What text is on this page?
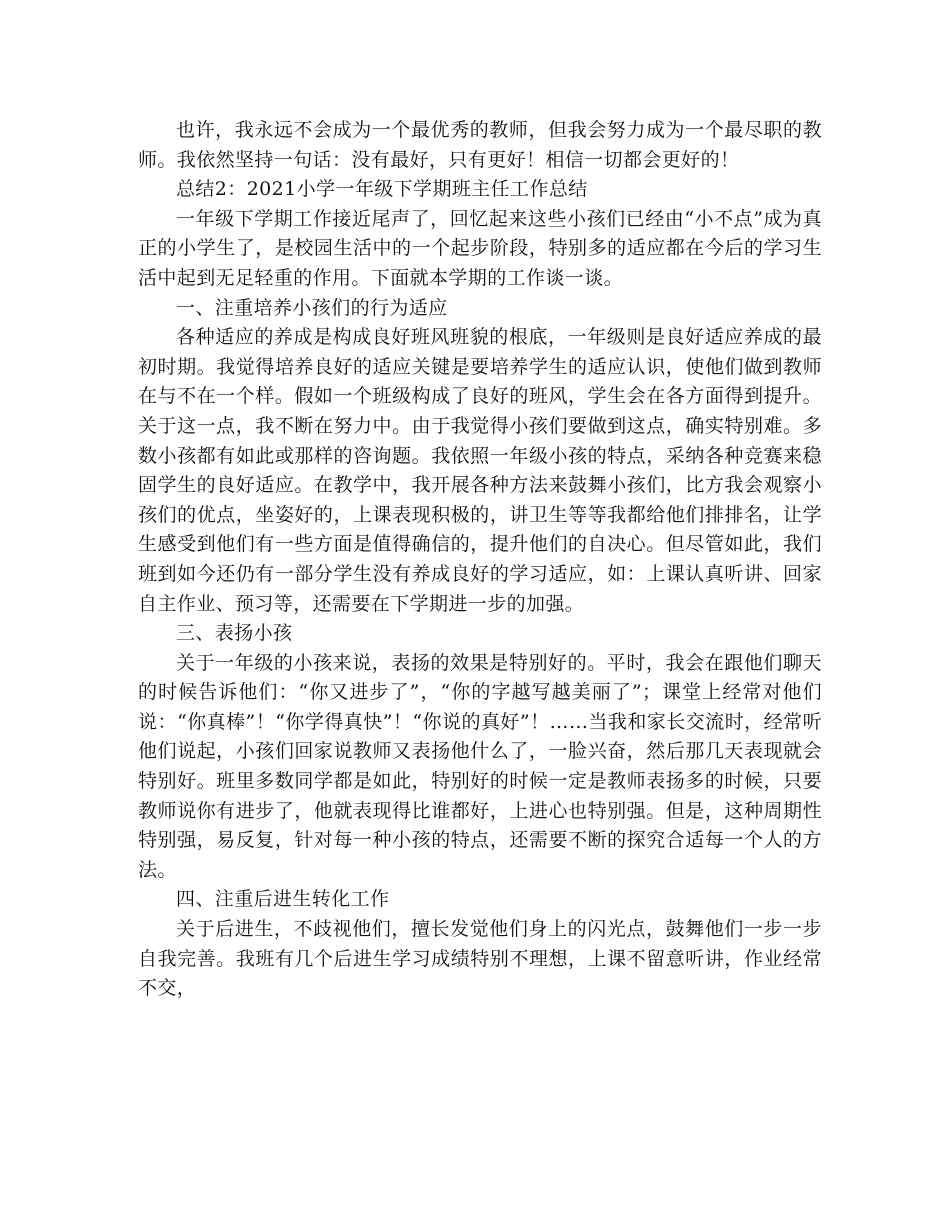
也许，我永远不会成为一个最优秀的教师，但我会努力成为一个最尽职的教师。我依然坚持一句话：没有最好，只有更好！相信一切都会更好的！

总结2：2021小学一年级下学期班主任工作总结

一年级下学期工作接近尾声了，回忆起来这些小孩们已经由“小不点”成为真正的小学生了，是校园生活中的一个起步阶段，特别多的适应都在今后的学习生活中起到无足轻重的作用。下面就本学期的工作谈一谈。

一、注重培养小孩们的行为适应

各种适应的养成是构成良好班风班貌的根底，一年级则是良好适应养成的最初时期。我觉得培养良好的适应关键是要培养学生的适应认识，使他们做到教师在与不在一个样。假如一个班级构成了良好的班风，学生会在各方面得到提升。关于这一点，我不断在努力中。由于我觉得小孩们要做到这点，确实特别难。多数小孩都有如此或那样的咨询题。我依照一年级小孩的特点，采纳各种竞赛来稳固学生的良好适应。在教学中，我开展各种方法来鼓舞小孩们，比方我会观察小孩们的优点，坐姿好的，上课表现积极的，讲卫生等等我都给他们排排名，让学生感受到他们有一些方面是值得确信的，提升他们的自决心。但尽管如此，我们班到如今还仍有一部分学生没有养成良好的学习适应，如：上课认真听讲、回家自主作业、预习等，还需要在下学期进一步的加强。

三、表扬小孩

关于一年级的小孩来说，表扬的效果是特别好的。平时，我会在跟他们聊天的时候告诉他们：“你又进步了”，“你的字越写越美丽了”；课堂上经常对他们说：“你真棒”！“你学得真快”！“你说的真好”！……当我和家长交流时，经常听他们说起，小孩们回家说教师又表扬他什么了，一脸兴奋，然后那几天表现就会特别好。班里多数同学都是如此，特别好的时候一定是教师表扬多的时候，只要教师说你有进步了，他就表现得比谁都好，上进心也特别强。但是，这种周期性特别强，易反复，针对每一种小孩的特点，还需要不断的探究合适每一个人的方法。

四、注重后进生转化工作

关于后进生，不歧视他们，擅长发觉他们身上的闪光点，鼓舞他们一步一步自我完善。我班有几个后进生学习成绩特别不理想，上课不留意听讲，作业经常不交，
